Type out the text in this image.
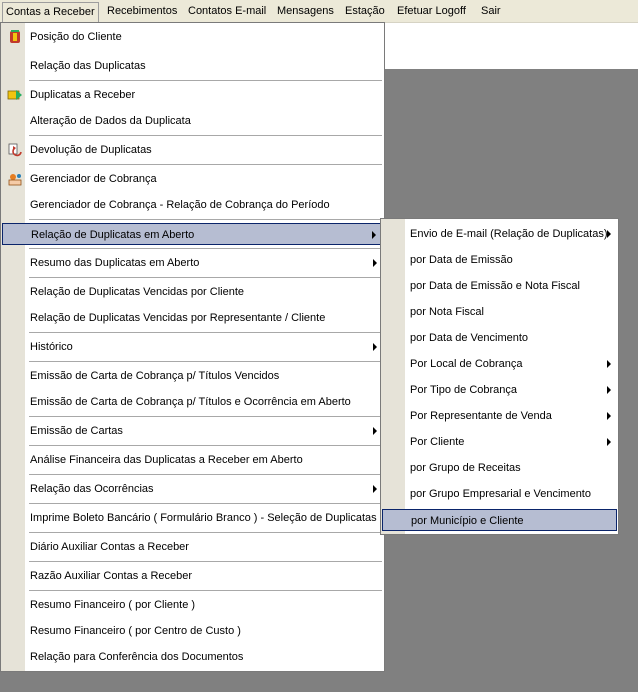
Contas a Receber	Recebimentos Contatos E-mail Mensagens Estação Efetuar Logoff Sair
Posição do Cliente
Relação das Duplicatas
Duplicatas a Receber
Alteração de Dados da Duplicata
Devolução de Duplicatas
Gerenciador de Cobrança
Gerenciador de Cobrança - Relação de Cobrança do Período
Relação de Duplicatas em Aberto
Resumo das Duplicatas em Aberto
Relação de Duplicatas Vencidas por Cliente
Relação de Duplicatas Vencidas por Representante / Cliente
Histórico
Emissão de Carta de Cobrança p/ Títulos Vencidos
Emissão de Carta de Cobrança p/ Títulos e Ocorrência em Aberto
Emissão de Cartas
Análise Financeira das Duplicatas a Receber em Aberto
Relação das Ocorrências
Imprime Boleto Bancário ( Formulário Branco ) - Seleção de Duplicatas
Diário Auxiliar Contas a Receber
Razão Auxiliar Contas a Receber
Resumo Financeiro ( por Cliente )
Resumo Financeiro ( por Centro de Custo )
Relação para Conferência dos Documentos
Envio de E-mail (Relação de Duplicatas)
por Data de Emissão
por Data de Emissão e Nota Fiscal
por Nota Fiscal
por Data de Vencimento
Por Local de Cobrança
Por Tipo de Cobrança
Por Representante de Venda
Por Cliente
por Grupo de Receitas
por Grupo Empresarial e Vencimento
por Município e Cliente
